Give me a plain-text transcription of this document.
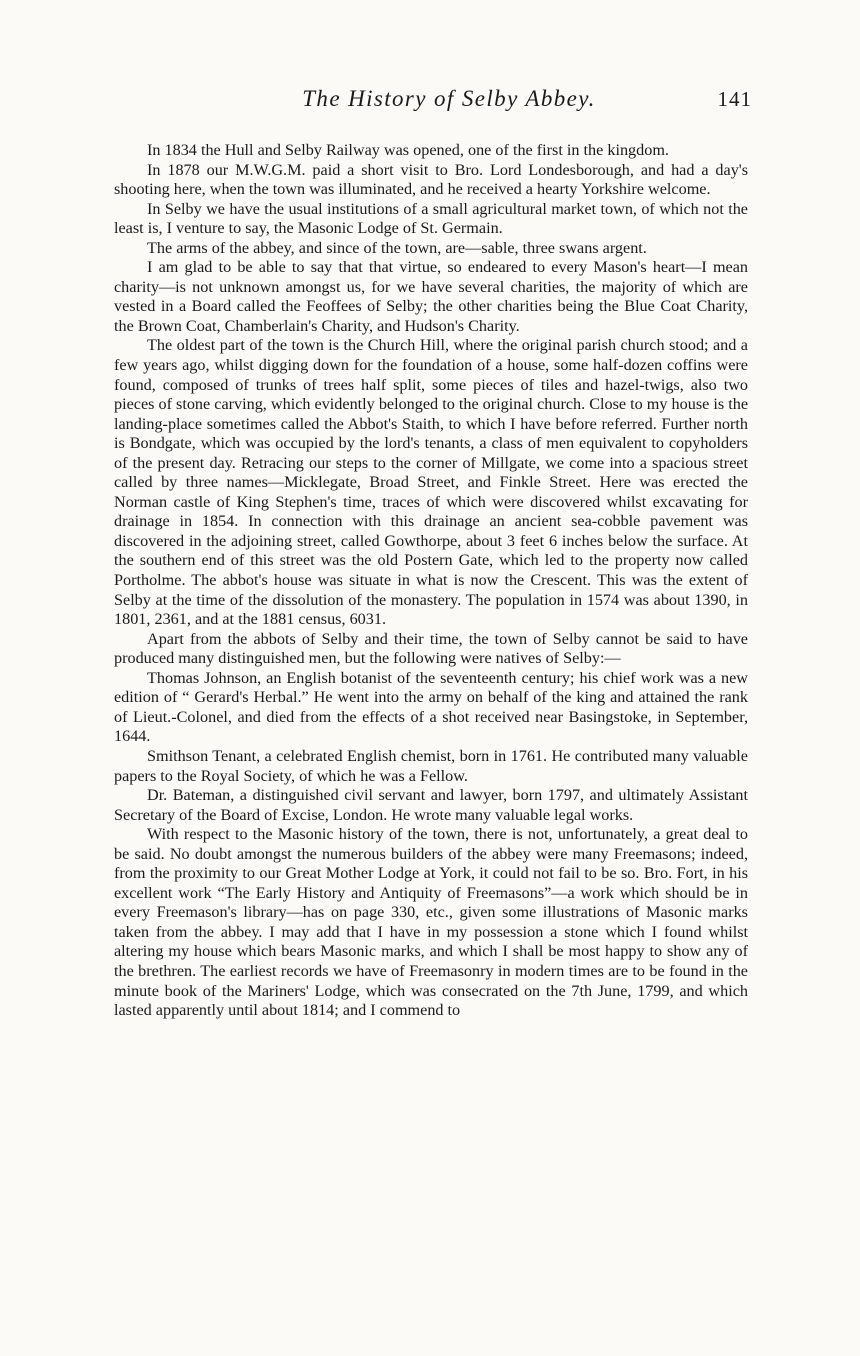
The History of Selby Abbey.	141

In 1834 the Hull and Selby Railway was opened, one of the first in the kingdom.

In 1878 our M.W.G.M. paid a short visit to Bro. Lord Londesborough, and had a day's shooting here, when the town was illuminated, and he received a hearty Yorkshire welcome.

In Selby we have the usual institutions of a small agricultural market town, of which not the least is, I venture to say, the Masonic Lodge of St. Germain.

The arms of the abbey, and since of the town, are—sable, three swans argent.

I am glad to be able to say that that virtue, so endeared to every Mason's heart—I mean charity—is not unknown amongst us, for we have several charities, the majority of which are vested in a Board called the Feoffees of Selby; the other charities being the Blue Coat Charity, the Brown Coat, Chamberlain's Charity, and Hudson's Charity.

The oldest part of the town is the Church Hill, where the original parish church stood; and a few years ago, whilst digging down for the foundation of a house, some half-dozen coffins were found, composed of trunks of trees half split, some pieces of tiles and hazel-twigs, also two pieces of stone carving, which evidently belonged to the original church. Close to my house is the landing-place sometimes called the Abbot's Staith, to which I have before referred. Further north is Bondgate, which was occupied by the lord's tenants, a class of men equivalent to copyholders of the present day. Retracing our steps to the corner of Millgate, we come into a spacious street called by three names—Micklegate, Broad Street, and Finkle Street. Here was erected the Norman castle of King Stephen's time, traces of which were discovered whilst excavating for drainage in 1854. In connection with this drainage an ancient sea-cobble pavement was discovered in the adjoining street, called Gowthorpe, about 3 feet 6 inches below the surface. At the southern end of this street was the old Postern Gate, which led to the property now called Portholme. The abbot's house was situate in what is now the Crescent. This was the extent of Selby at the time of the dissolution of the monastery. The population in 1574 was about 1390, in 1801, 2361, and at the 1881 census, 6031.

Apart from the abbots of Selby and their time, the town of Selby cannot be said to have produced many distinguished men, but the following were natives of Selby:—

Thomas Johnson, an English botanist of the seventeenth century; his chief work was a new edition of “ Gerard's Herbal.” He went into the army on behalf of the king and attained the rank of Lieut.-Colonel, and died from the effects of a shot received near Basingstoke, in September, 1644.

Smithson Tenant, a celebrated English chemist, born in 1761. He contributed many valuable papers to the Royal Society, of which he was a Fellow.

Dr. Bateman, a distinguished civil servant and lawyer, born 1797, and ultimately Assistant Secretary of the Board of Excise, London. He wrote many valuable legal works.

With respect to the Masonic history of the town, there is not, unfortunately, a great deal to be said. No doubt amongst the numerous builders of the abbey were many Freemasons; indeed, from the proximity to our Great Mother Lodge at York, it could not fail to be so. Bro. Fort, in his excellent work “The Early History and Antiquity of Freemasons”—a work which should be in every Freemason's library—has on page 330, etc., given some illustrations of Masonic marks taken from the abbey. I may add that I have in my possession a stone which I found whilst altering my house which bears Masonic marks, and which I shall be most happy to show any of the brethren. The earliest records we have of Freemasonry in modern times are to be found in the minute book of the Mariners' Lodge, which was consecrated on the 7th June, 1799, and which lasted apparently until about 1814; and I commend to
